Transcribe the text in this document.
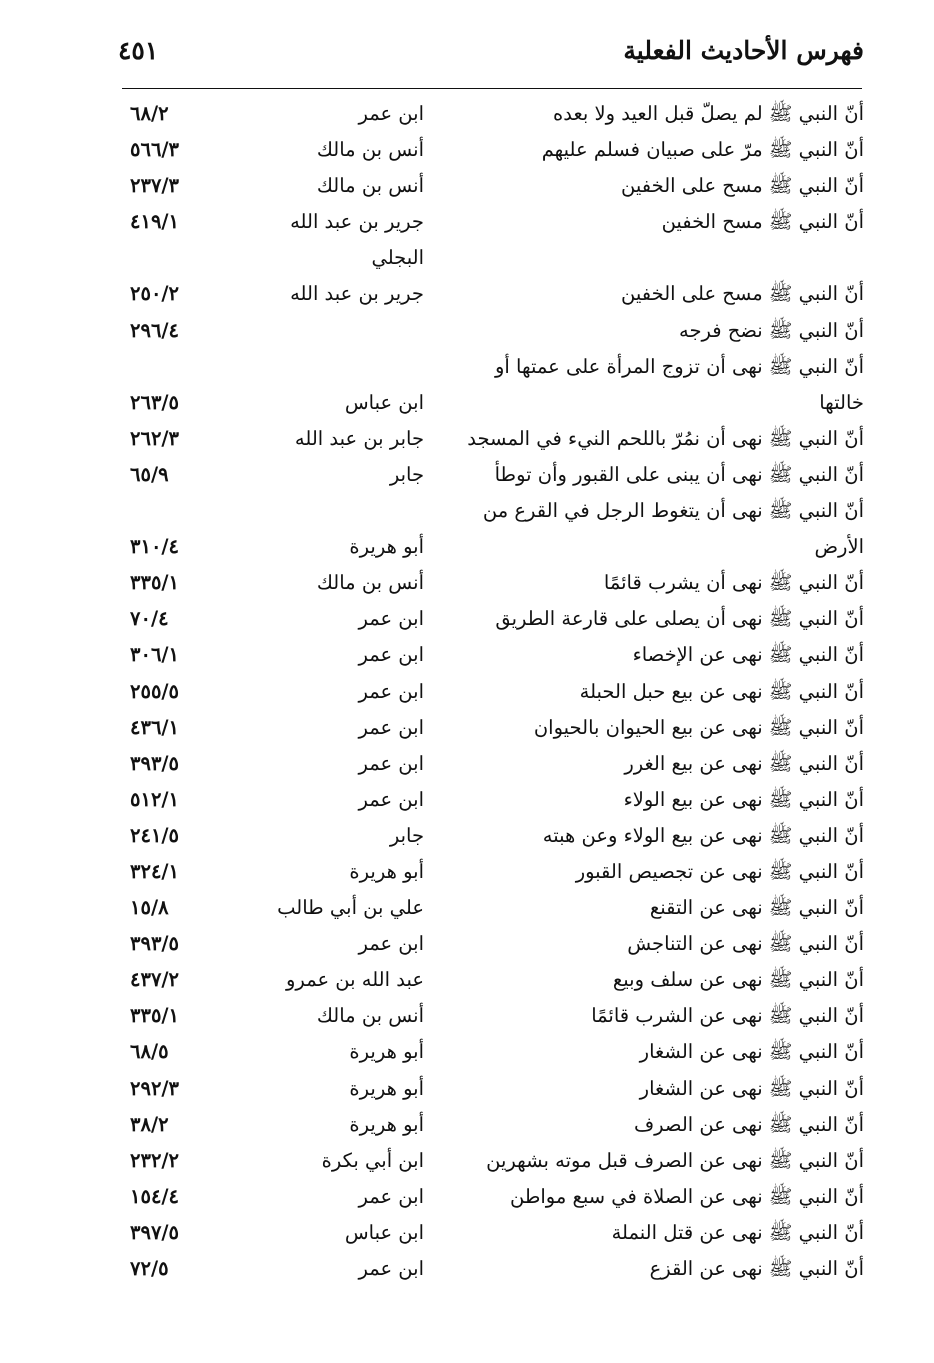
فهرس الأحاديث الفعلية
٤٥١
أنّ النبي ﷺ لم يصلّ قبل العيد ولا بعده
ابن عمر
٦٨/٢
أنّ النبي ﷺ مرّ على صبيان فسلم عليهم
أنس بن مالك
٥٦٦/٣
أنّ النبي ﷺ مسح على الخفين
أنس بن مالك
٢٣٧/٣
أنّ النبي ﷺ مسح الخفين
جرير بن عبد الله البجلي
٤١٩/١
أنّ النبي ﷺ مسح على الخفين
جرير بن عبد الله
٢٥٠/٢
أنّ النبي ﷺ نضح فرجه
٢٩٦/٤
أنّ النبي ﷺ نهى أن تزوج المرأة على عمتها أو خالتها
ابن عباس
٢٦٣/٥
أنّ النبي ﷺ نهى أن نمُرّ باللحم النيء في المسجد
جابر بن عبد الله
٢٦٢/٣
أنّ النبي ﷺ نهى أن يبنى على القبور وأن توطأ
جابر
٦٥/٩
أنّ النبي ﷺ نهى أن يتغوط الرجل في القرع من الأرض
أبو هريرة
٣١٠/٤
أنّ النبي ﷺ نهى أن يشرب قائمًا
أنس بن مالك
٣٣٥/١
أنّ النبي ﷺ نهى أن يصلى على قارعة الطريق
ابن عمر
٧٠/٤
أنّ النبي ﷺ نهى عن الإخصاء
ابن عمر
٣٠٦/١
أنّ النبي ﷺ نهى عن بيع حبل الحبلة
ابن عمر
٢٥٥/٥
أنّ النبي ﷺ نهى عن بيع الحيوان بالحيوان
ابن عمر
٤٣٦/١
أنّ النبي ﷺ نهى عن بيع الغرر
ابن عمر
٣٩٣/٥
أنّ النبي ﷺ نهى عن بيع الولاء
ابن عمر
٥١٢/١
أنّ النبي ﷺ نهى عن بيع الولاء وعن هبته
جابر
٢٤١/٥
أنّ النبي ﷺ نهى عن تجصيص القبور
أبو هريرة
٣٢٤/١
أنّ النبي ﷺ نهى عن التقنع
علي بن أبي طالب
١٥/٨
أنّ النبي ﷺ نهى عن التناجش
ابن عمر
٣٩٣/٥
أنّ النبي ﷺ نهى عن سلف وبيع
عبد الله بن عمرو
٤٣٧/٢
أنّ النبي ﷺ نهى عن الشرب قائمًا
أنس بن مالك
٣٣٥/١
أنّ النبي ﷺ نهى عن الشغار
أبو هريرة
٦٨/٥
أنّ النبي ﷺ نهى عن الشغار
أبو هريرة
٢٩٢/٣
أنّ النبي ﷺ نهى عن الصرف
أبو هريرة
٣٨/٢
أنّ النبي ﷺ نهى عن الصرف قبل موته بشهرين
ابن أبي بكرة
٢٣٢/٢
أنّ النبي ﷺ نهى عن الصلاة في سبع مواطن
ابن عمر
١٥٤/٤
أنّ النبي ﷺ نهى عن قتل النملة
ابن عباس
٣٩٧/٥
أنّ النبي ﷺ نهى عن القزع
ابن عمر
٧٢/٥
